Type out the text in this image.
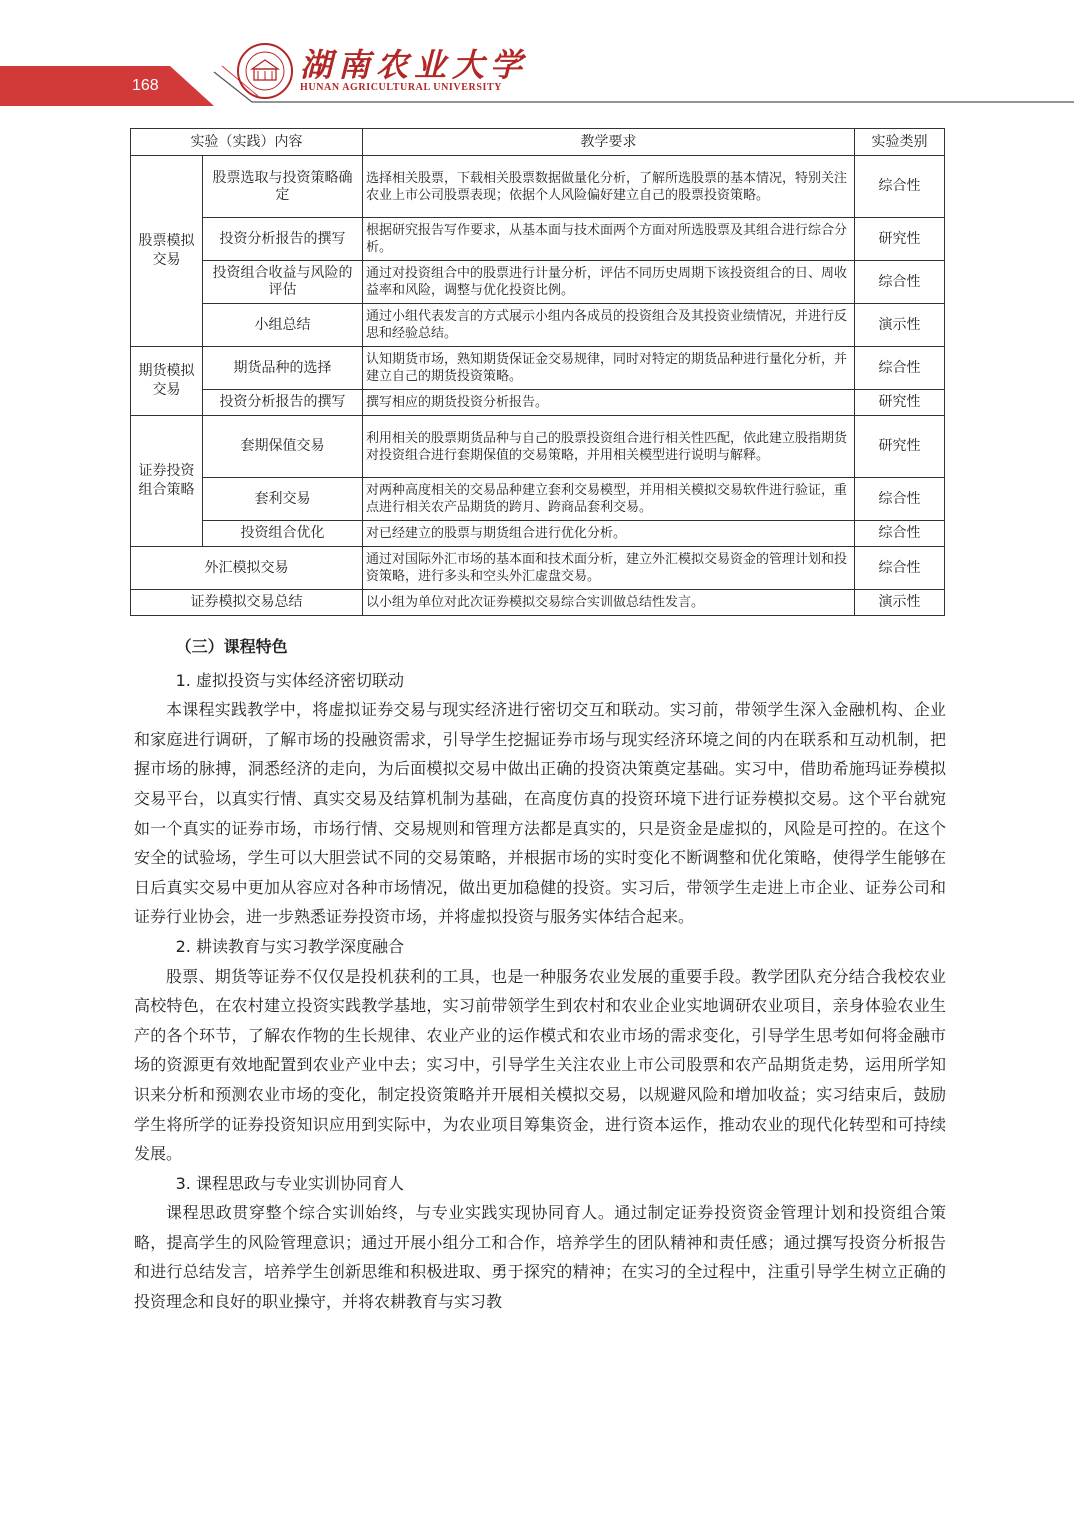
168
湖南农业大学
HUNAN AGRICULTURAL UNIVERSITY
实验（实践）内容		教学要求	实验类别
股票模拟交易	股票选取与投资策略确定	选择相关股票，下载相关股票数据做量化分析，了解所选股票的基本情况，特别关注农业上市公司股票表现；依据个人风险偏好建立自己的股票投资策略。	综合性
	投资分析报告的撰写	根据研究报告写作要求，从基本面与技术面两个方面对所选股票及其组合进行综合分析。	研究性
	投资组合收益与风险的评估	通过对投资组合中的股票进行计量分析，评估不同历史周期下该投资组合的日、周收益率和风险，调整与优化投资比例。	综合性
	小组总结	通过小组代表发言的方式展示小组内各成员的投资组合及其投资业绩情况，并进行反思和经验总结。	演示性
期货模拟交易	期货品种的选择	认知期货市场，熟知期货保证金交易规律，同时对特定的期货品种进行量化分析，并建立自己的期货投资策略。	综合性
	投资分析报告的撰写	撰写相应的期货投资分析报告。	研究性
证券投资组合策略	套期保值交易	利用相关的股票期货品种与自己的股票投资组合进行相关性匹配，依此建立股指期货对投资组合进行套期保值的交易策略，并用相关模型进行说明与解释。	研究性
	套利交易	对两种高度相关的交易品种建立套利交易模型，并用相关模拟交易软件进行验证，重点进行相关农产品期货的跨月、跨商品套利交易。	综合性
	投资组合优化	对已经建立的股票与期货组合进行优化分析。	综合性
外汇模拟交易		通过对国际外汇市场的基本面和技术面分析，建立外汇模拟交易资金的管理计划和投资策略，进行多头和空头外汇虚盘交易。	综合性
证券模拟交易总结		以小组为单位对此次证券模拟交易综合实训做总结性发言。	演示性

（三）课程特色

1. 虚拟投资与实体经济密切联动

本课程实践教学中，将虚拟证券交易与现实经济进行密切交互和联动。实习前，带领学生深入金融机构、企业和家庭进行调研，了解市场的投融资需求，引导学生挖掘证券市场与现实经济环境之间的内在联系和互动机制，把握市场的脉搏，洞悉经济的走向，为后面模拟交易中做出正确的投资决策奠定基础。实习中，借助希施玛证券模拟交易平台，以真实行情、真实交易及结算机制为基础，在高度仿真的投资环境下进行证券模拟交易。这个平台就宛如一个真实的证券市场，市场行情、交易规则和管理方法都是真实的，只是资金是虚拟的，风险是可控的。在这个安全的试验场，学生可以大胆尝试不同的交易策略，并根据市场的实时变化不断调整和优化策略，使得学生能够在日后真实交易中更加从容应对各种市场情况，做出更加稳健的投资。实习后，带领学生走进上市企业、证券公司和证券行业协会，进一步熟悉证券投资市场，并将虚拟投资与服务实体结合起来。

2. 耕读教育与实习教学深度融合

股票、期货等证券不仅仅是投机获利的工具，也是一种服务农业发展的重要手段。教学团队充分结合我校农业高校特色，在农村建立投资实践教学基地，实习前带领学生到农村和农业企业实地调研农业项目，亲身体验农业生产的各个环节，了解农作物的生长规律、农业产业的运作模式和农业市场的需求变化，引导学生思考如何将金融市场的资源更有效地配置到农业产业中去；实习中，引导学生关注农业上市公司股票和农产品期货走势，运用所学知识来分析和预测农业市场的变化，制定投资策略并开展相关模拟交易，以规避风险和增加收益；实习结束后，鼓励学生将所学的证券投资知识应用到实际中，为农业项目筹集资金，进行资本运作，推动农业的现代化转型和可持续发展。

3. 课程思政与专业实训协同育人

课程思政贯穿整个综合实训始终，与专业实践实现协同育人。通过制定证券投资资金管理计划和投资组合策略，提高学生的风险管理意识；通过开展小组分工和合作，培养学生的团队精神和责任感；通过撰写投资分析报告和进行总结发言，培养学生创新思维和积极进取、勇于探究的精神；在实习的全过程中，注重引导学生树立正确的投资理念和良好的职业操守，并将农耕教育与实习教
